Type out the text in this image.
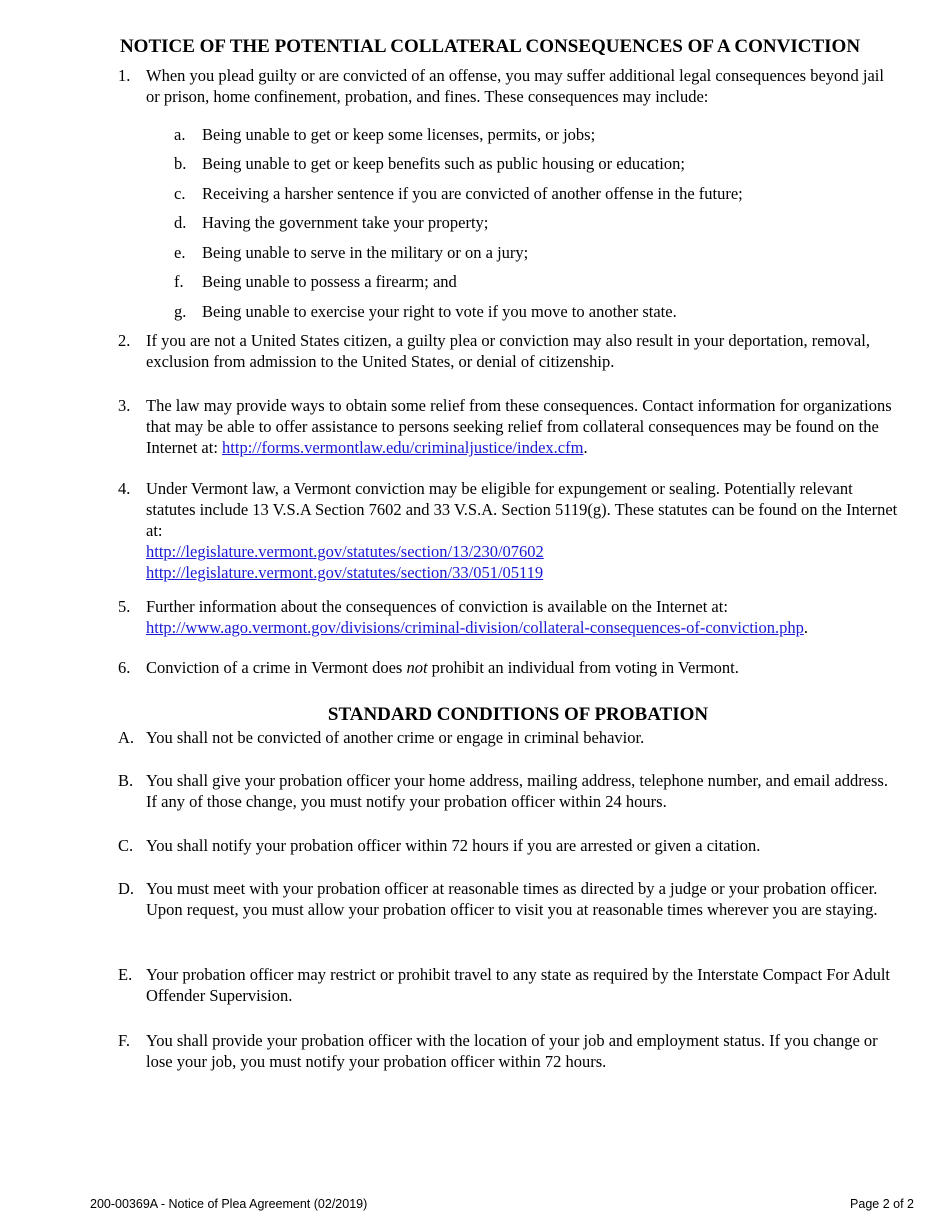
NOTICE OF THE POTENTIAL COLLATERAL CONSEQUENCES OF A CONVICTION
1. When you plead guilty or are convicted of an offense, you may suffer additional legal consequences beyond jail or prison, home confinement, probation, and fines. These consequences may include:
a.	Being unable to get or keep some licenses, permits, or jobs;
b. Being unable to get or keep benefits such as public housing or education;
c.	Receiving a harsher sentence if you are convicted of another offense in the future;
d. Having the government take your property;
e.	Being unable to serve in the military or on a jury;
f.	Being unable to possess a firearm; and
g. Being unable to exercise your right to vote if you move to another state.
2. If you are not a United States citizen, a guilty plea or conviction may also result in your deportation, removal, exclusion from admission to the United States, or denial of citizenship.
3. The law may provide ways to obtain some relief from these consequences. Contact information for organizations that may be able to offer assistance to persons seeking relief from collateral consequences may be found on the Internet at: http://forms.vermontlaw.edu/criminaljustice/index.cfm.
4. Under Vermont law, a Vermont conviction may be eligible for expungement or sealing. Potentially relevant statutes include 13 V.S.A Section 7602 and 33 V.S.A. Section 5119(g). These statutes can be found on the Internet at:
http://legislature.vermont.gov/statutes/section/13/230/07602
http://legislature.vermont.gov/statutes/section/33/051/05119
5. Further information about the consequences of conviction is available on the Internet at:
http://www.ago.vermont.gov/divisions/criminal-division/collateral-consequences-of-conviction.php.
6. Conviction of a crime in Vermont does not prohibit an individual from voting in Vermont.
STANDARD CONDITIONS OF PROBATION
A. You shall not be convicted of another crime or engage in criminal behavior.
B. You shall give your probation officer your home address, mailing address, telephone number, and email address. If any of those change, you must notify your probation officer within 24 hours.
C. You shall notify your probation officer within 72 hours if you are arrested or given a citation.
D. You must meet with your probation officer at reasonable times as directed by a judge or your probation officer. Upon request, you must allow your probation officer to visit you at reasonable times wherever you are staying.
E. Your probation officer may restrict or prohibit travel to any state as required by the Interstate Compact For Adult Offender Supervision.
F. You shall provide your probation officer with the location of your job and employment status. If you change or lose your job, you must notify your probation officer within 72 hours.
200-00369A - Notice of Plea Agreement (02/2019)	Page 2 of 2
